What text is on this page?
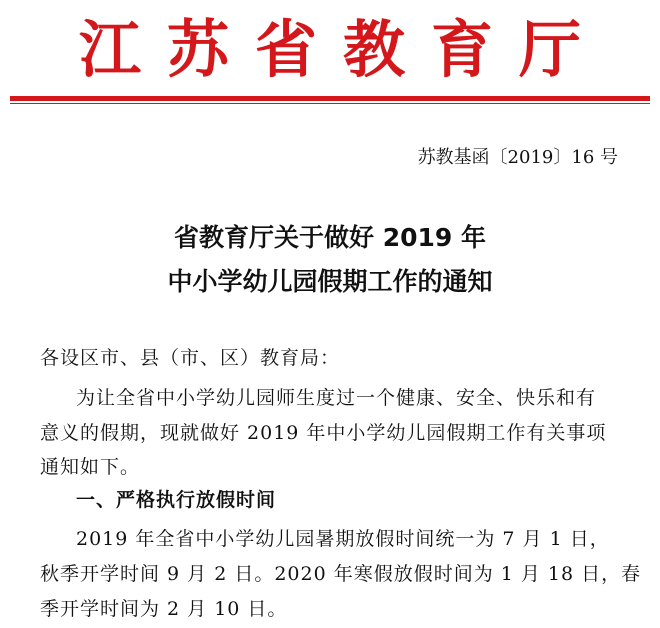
江苏省教育厅
苏教基函〔2019〕16 号
省教育厅关于做好 2019 年
中小学幼儿园假期工作的通知
各设区市、县（市、区）教育局：
为让全省中小学幼儿园师生度过一个健康、安全、快乐和有
意义的假期，现就做好 2019 年中小学幼儿园假期工作有关事项
通知如下。
一、严格执行放假时间
2019 年全省中小学幼儿园暑期放假时间统一为 7 月 1 日，
秋季开学时间 9 月 2 日。2020 年寒假放假时间为 1 月 18 日，春
季开学时间为 2 月 10 日。
